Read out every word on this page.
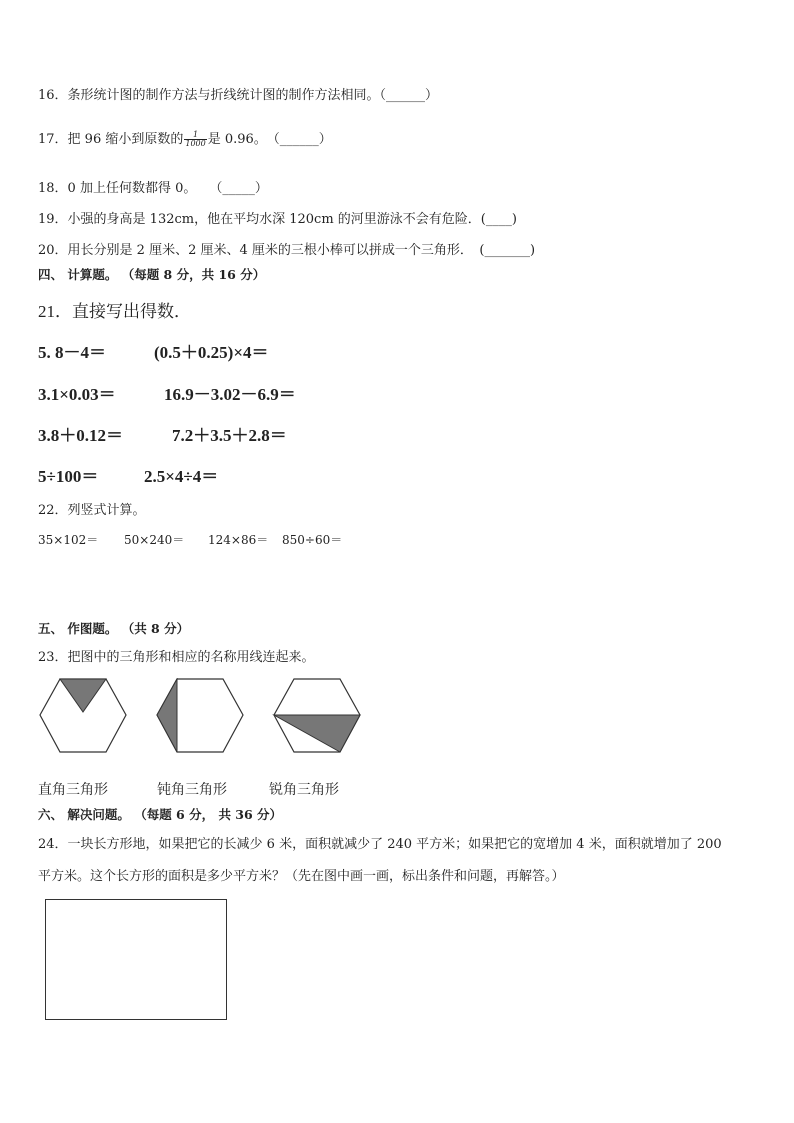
16．条形统计图的制作方法与折线统计图的制作方法相同。（______）
17．把 96 缩小到原数的 $\frac{1}{1000}$ 是 0.96。　（______）
18．0 加上任何数都得 0。　　（_____）
19．小强的身高是 132cm，他在平均水深 120cm 的河里游泳不会有危险．(____)
20．用长分别是 2 厘米、2 厘米、4 厘米的三根小棒可以拼成一个三角形．　(_______)
四、 计算题。 （每题 8 分，共 16 分）
21．直接写出得数．
5. 8－4＝	(0.5＋0.25)×4＝
3.1×0.03＝	16.9－3.02－6.9＝
3.8＋0.12＝	7.2＋3.5＋2.8＝
5÷100＝	2.5×4÷4＝
22．列竖式计算。
35×102＝ 50×240＝ 124×86＝ 850÷60＝
五、 作图题。 （共 8 分）
23．把图中的三角形和相应的名称用线连起来。
直角三角形	钝角三角形	锐角三角形
六、 解决问题。 （每题 6 分， 共 36 分）
24．一块长方形地，如果把它的长减少 6 米，面积就减少了 240 平方米；如果把它的宽增加 4 米，面积就增加了 200
平方米。这个长方形的面积是多少平方米？（先在图中画一画，标出条件和问题，再解答。）
